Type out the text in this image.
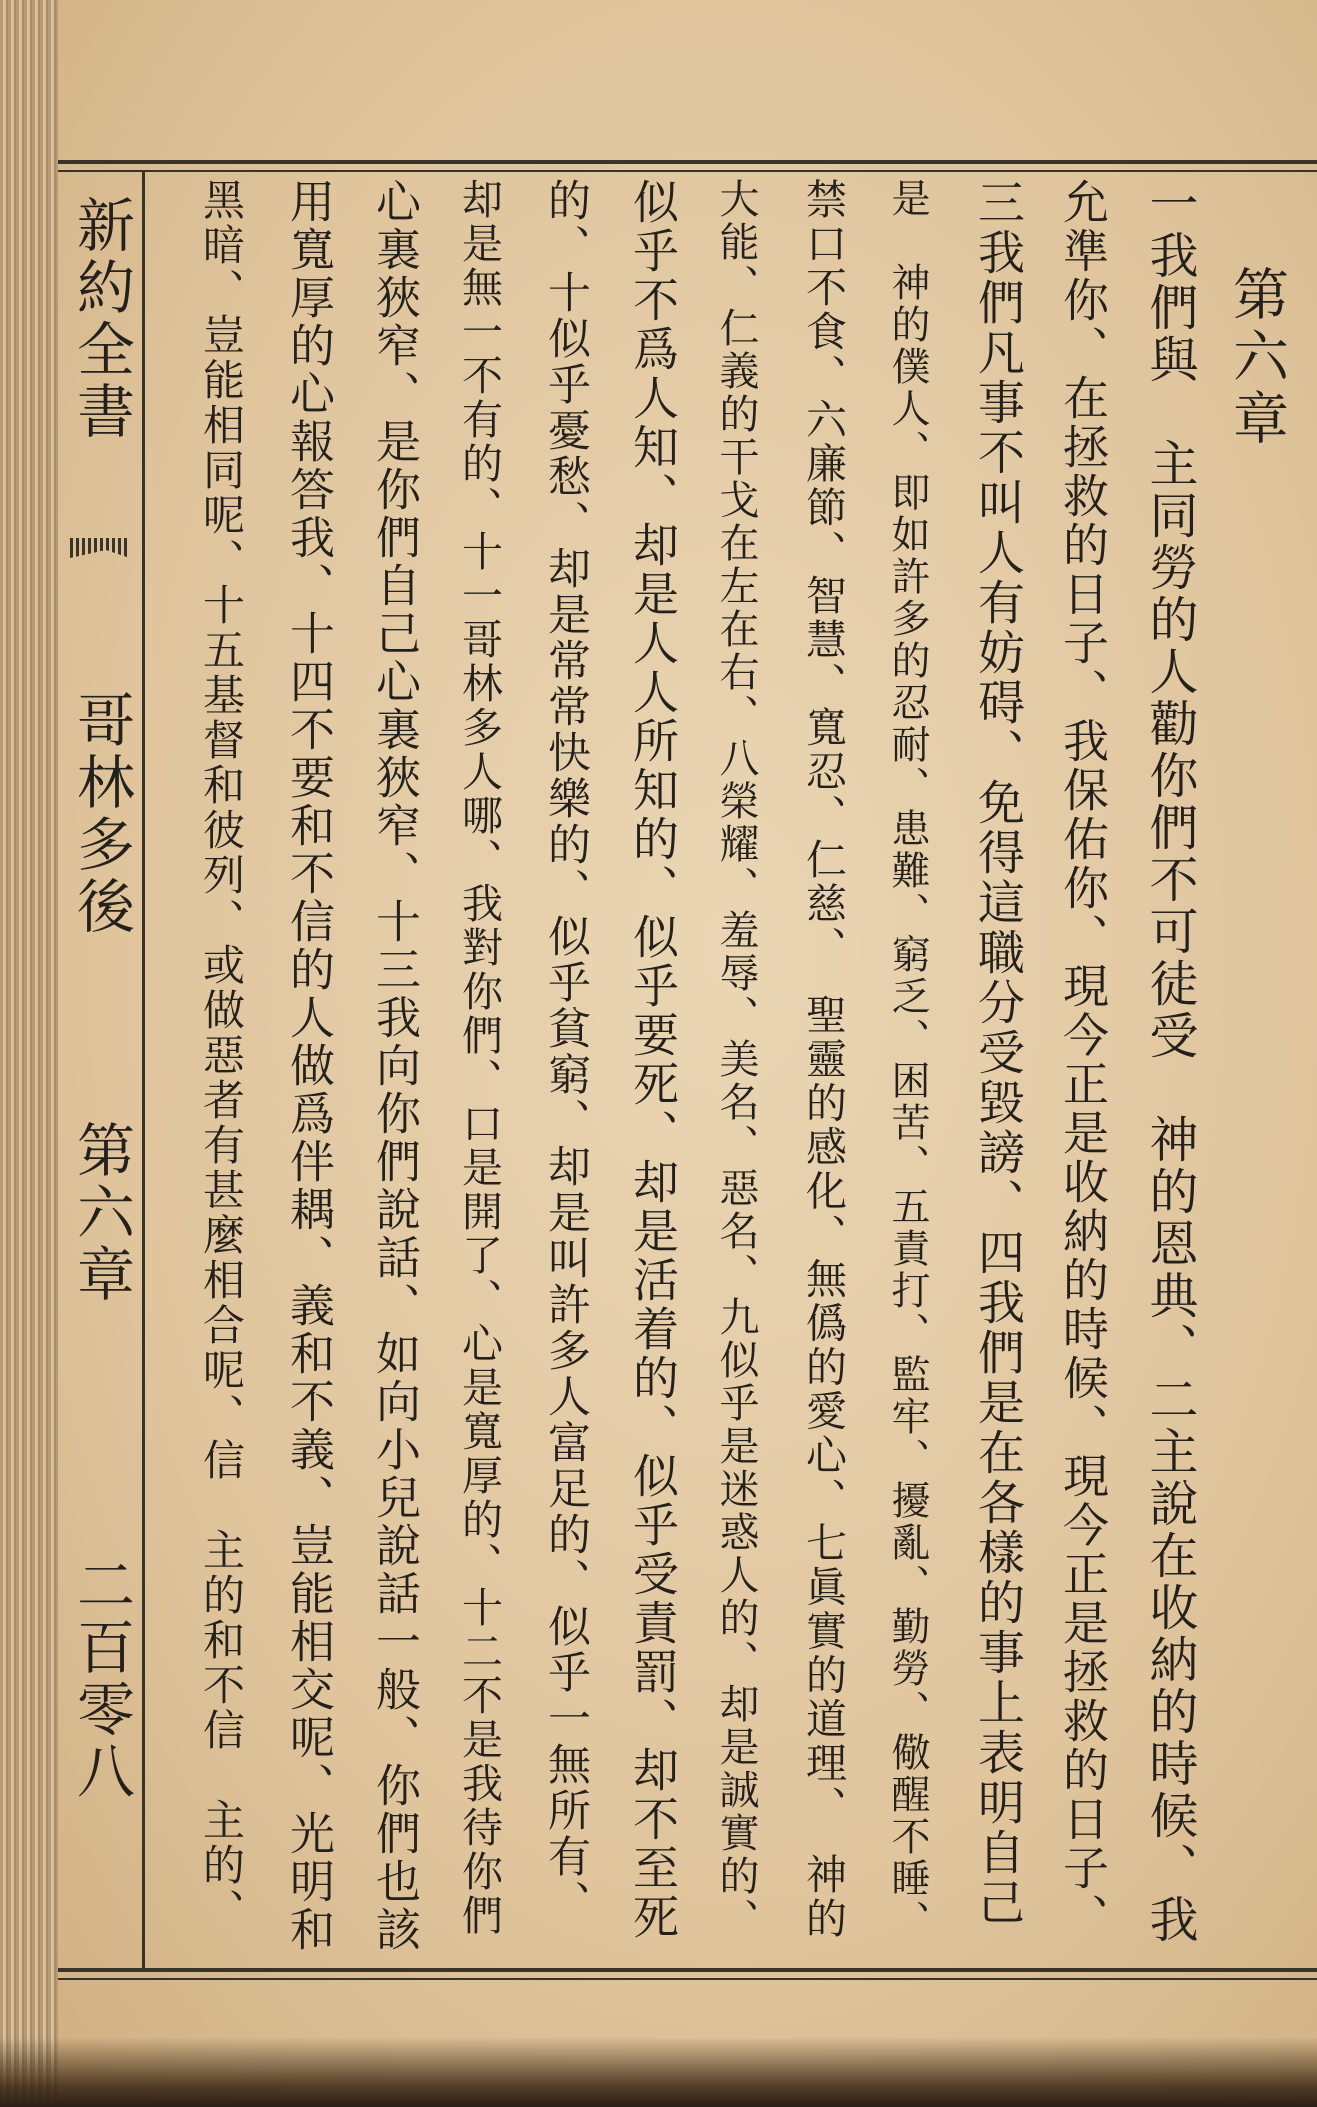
新約全書
哥林多後
第六章
二百零八
第六章
一我們與　主同勞的人勸你們不可徒受　神的恩典、二主說在收納的時候、我
允準你、在拯救的日子、我保佑你、現今正是收納的時候、現今正是拯救的日子、
三我們凡事不叫人有妨碍、免得這職分受毀謗、四我們是在各樣的事上表明自己
是　神的僕人、即如許多的忍耐、患難、窮乏、困苦、五責打、監牢、擾亂、勤勞、儆醒不睡、
禁口不食、六廉節、智慧、寬忍、仁慈、　聖靈的感化、無僞的愛心、七眞實的道理、　神的
大能、仁義的干戈在左在右、八榮耀、羞辱、美名、惡名、九似乎是迷惑人的、却是誠實的、
似乎不爲人知、却是人人所知的、似乎要死、却是活着的、似乎受責罰、却不至死
的、十似乎憂愁、却是常常快樂的、似乎貧窮、却是叫許多人富足的、似乎一無所有、
却是無一不有的、十一哥林多人哪、我對你們、口是開了、心是寬厚的、十二不是我待你們
心裏狹窄、是你們自己心裏狹窄、十三我向你們說話、如向小兒說話一般、你們也該
用寬厚的心報答我、十四不要和不信的人做爲伴耦、義和不義、豈能相交呢、光明和
黑暗、豈能相同呢、十五基督和彼列、或做惡者有甚麼相合呢、信　主的和不信　主的、
